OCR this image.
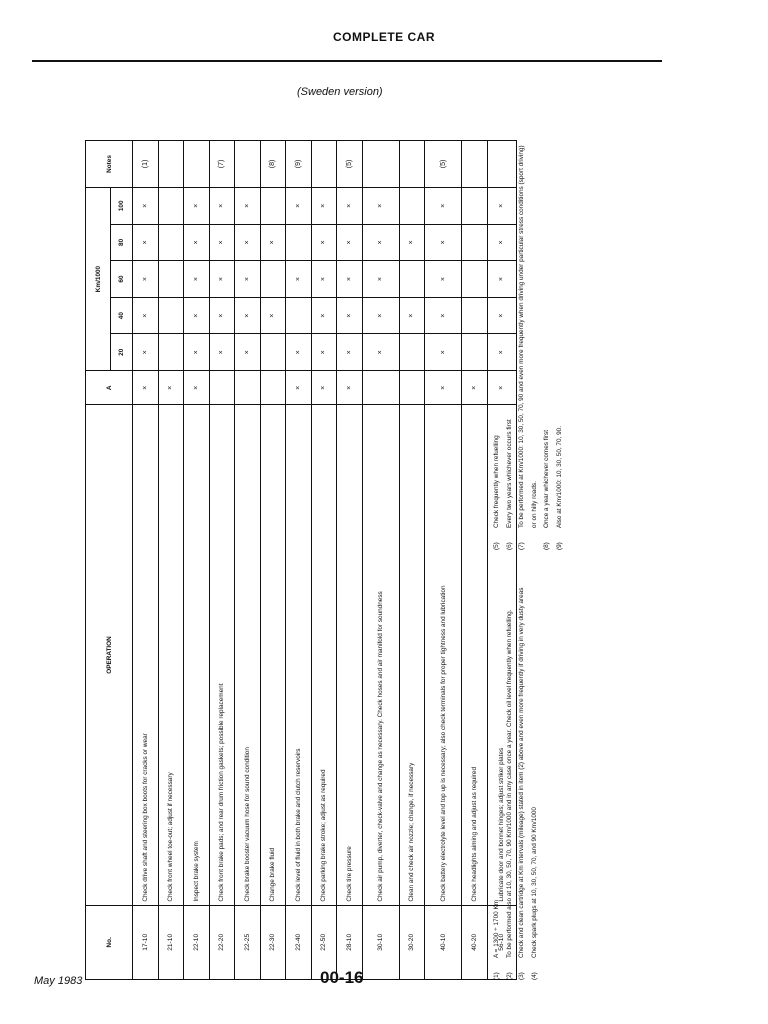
COMPLETE CAR
(Sweden version)
No.	OPERATION	A	Km/1000					Notes
			20	40	60	80	100	
17-10	Check drive shaft and steering box boots for cracks or wear	×	×	×	×	×	×	(1)
21-10	Check front wheel toe-out; adjust if necessary	×						
22-10	Inspect brake system	×	×	×	×	×	×	
22-20	Check front brake pads; and rear drum friction gaskets; possible replacement		×	×	×	×	×	(7)
22-25	Check brake booster vacuum hose for sound condition		×	×	×	×	×	
22-30	Change brake fluid			×		×		(8)
22-40	Check level of fluid in both brake and clutch reservoirs	×	×		×		×	(9)
22-50	Check parking brake stroke; adjust as required	×	×	×	×	×	×	
28-10	Check tire pressure	×	×	×	×	×	×	(5)
30-10	Check air pump, diverter, check-valve and change as necessary. Check hoses and air manifold for soundness		×	×	×	×	×	
30-20	Clean and check air nozzle; change, if necessary			×		×		
40-10	Check battery electrolyte level and top up is necessary; also check terminals for proper tightness and lubrication	×	×	×	×	×	×	(5)
40-20	Check headlights aiming and adjust as required	×						
56-10	Lubricate door and bonnet hinges; adjust striker plates	×	×	×	×	×	×	
(1)
A = 1300 ÷ 1700 Km
(2)
To be performed also at 10, 30, 50, 70, 90 Km/1000 and in any case once a year. Check oil level frequently when refuelling.
(3)
Check and clean cartridge at Km intervals (mileage) stated in item (2) above and even more frequently if driving in very dusty areas
(4)
Check spark plugs at 10, 30, 50, 70, and 90 Km/1000
(5)
Check frequently when refuelling
(6)
Every two years whichever occurs first
(7)
To be performed at Km/1000: 10, 30, 50, 70, 90 and even more frequently when driving under particular stress conditions (sport driving) or on hilly roads.
(8)
Once a year whichever comes first
(9)
Also at Km/1000: 10, 30, 50, 70, 90.
May 1983	00-16
